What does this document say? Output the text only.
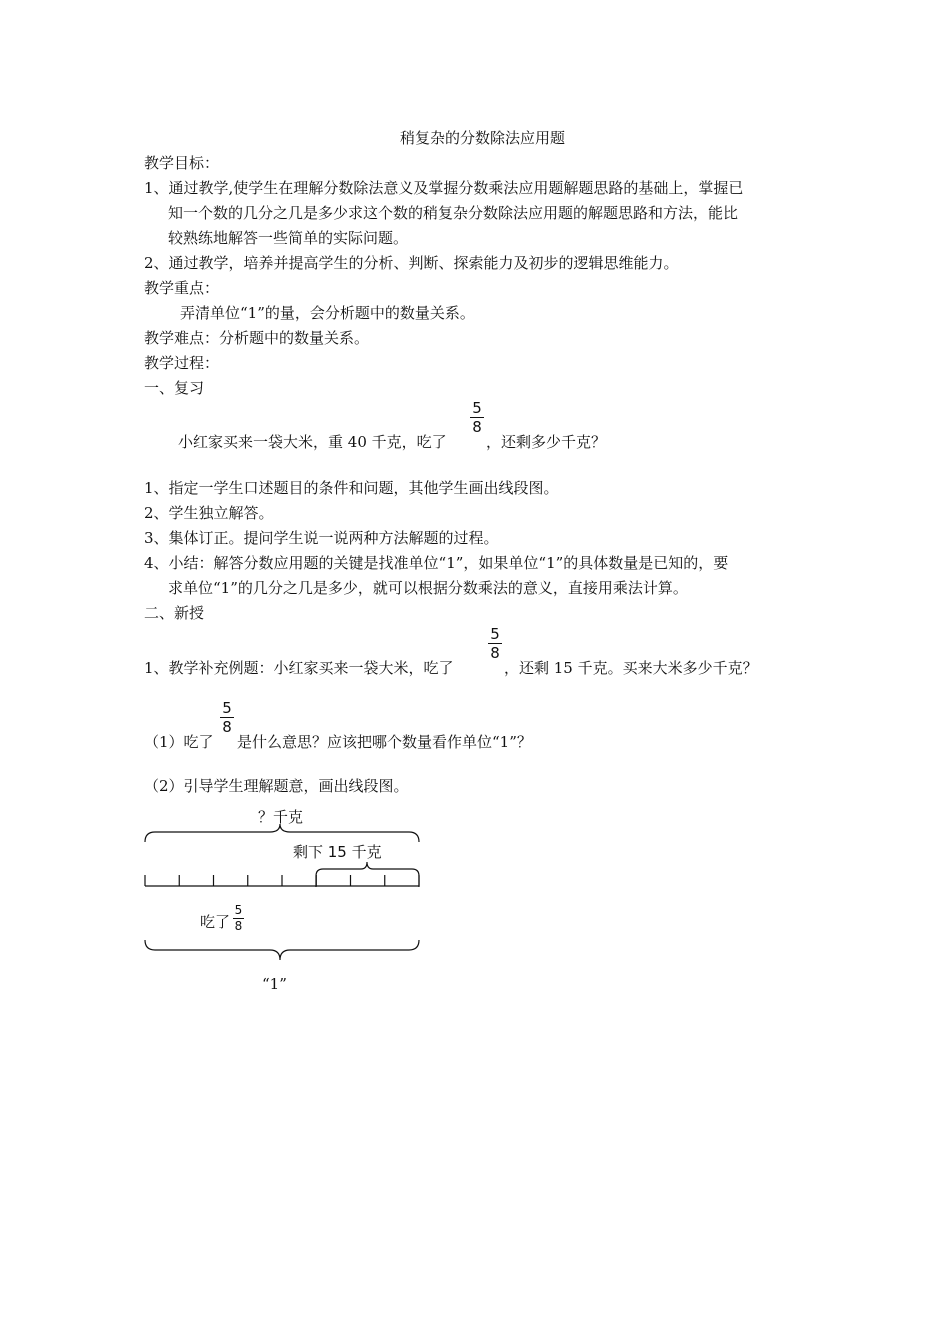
稍复杂的分数除法应用题
教学目标：
1、通过教学,使学生在理解分数除法意义及掌握分数乘法应用题解题思路的基础上，掌握已
知一个数的几分之几是多少求这个数的稍复杂分数除法应用题的解题思路和方法，能比
较熟练地解答一些简单的实际问题。
2、通过教学，培养并提高学生的分析、判断、探索能力及初步的逻辑思维能力。
教学重点：
弄清单位“1”的量，会分析题中的数量关系。
教学难点：分析题中的数量关系。
教学过程：
一、复习
小红家买来一袋大米，重 40 千克，吃了
5
8
，还剩多少千克？
1、指定一学生口述题目的条件和问题，其他学生画出线段图。
2、学生独立解答。
3、集体订正。提问学生说一说两种方法解题的过程。
4、小结：解答分数应用题的关键是找准单位“1”，如果单位“1”的具体数量是已知的，要
求单位“1”的几分之几是多少，就可以根据分数乘法的意义，直接用乘法计算。
二、新授
1、教学补充例题：小红家买来一袋大米，吃了
5
8
，还剩 15 千克。买来大米多少千克？
（1）吃了
5
8
是什么意思？应该把哪个数量看作单位“1”？
（2）引导学生理解题意，画出线段图。
？千克
剩下 15 千克
吃了
5
8
“1”
